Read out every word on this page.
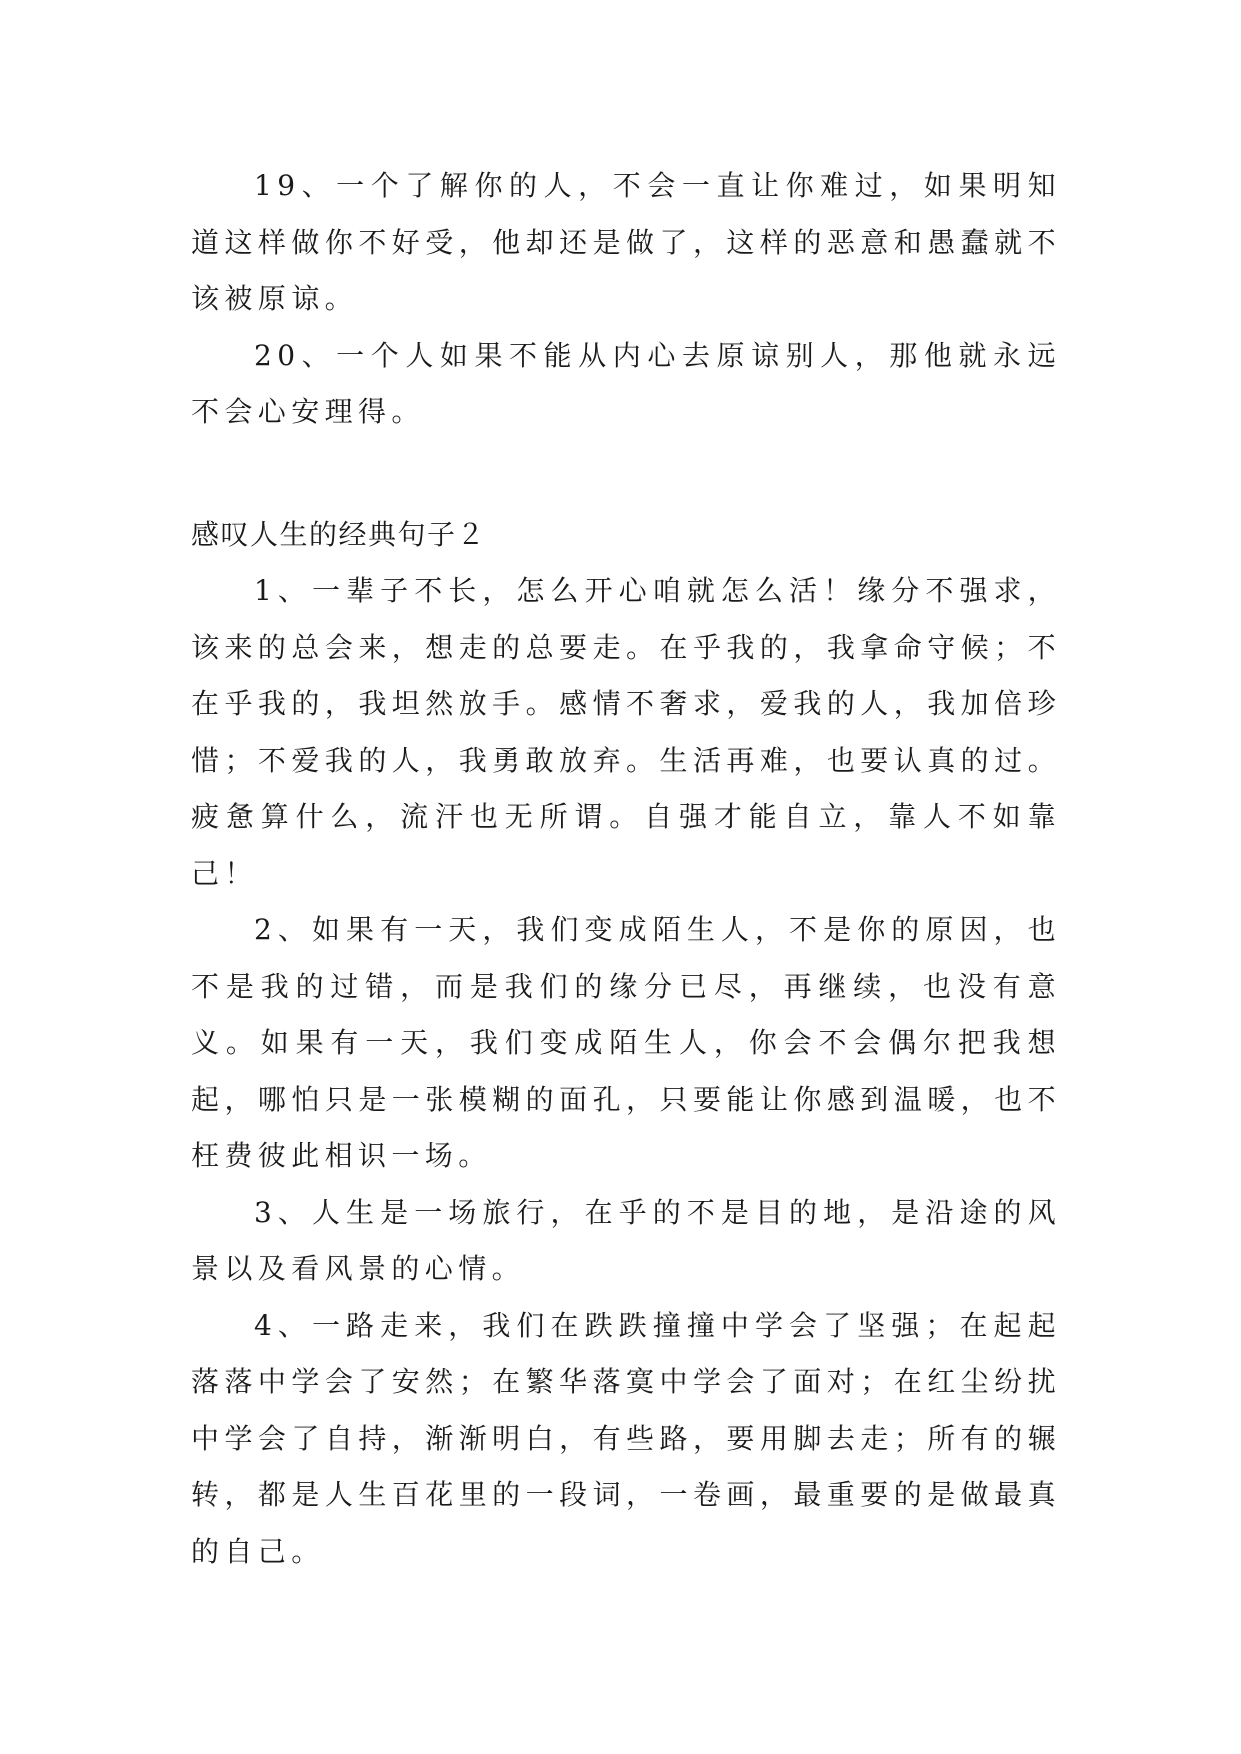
19、一个了解你的人，不会一直让你难过，如果明知道这样做你不好受，他却还是做了，这样的恶意和愚蠢就不该被原谅。

20、一个人如果不能从内心去原谅别人，那他就永远不会心安理得。

感叹人生的经典句子２

1、一辈子不长，怎么开心咱就怎么活！缘分不强求，该来的总会来，想走的总要走。在乎我的，我拿命守候；不在乎我的，我坦然放手。感情不奢求，爱我的人，我加倍珍惜；不爱我的人，我勇敢放弃。生活再难，也要认真的过。疲惫算什么，流汗也无所谓。自强才能自立，靠人不如靠己！

2、如果有一天，我们变成陌生人，不是你的原因，也不是我的过错，而是我们的缘分已尽，再继续，也没有意义。如果有一天，我们变成陌生人，你会不会偶尔把我想起，哪怕只是一张模糊的面孔，只要能让你感到温暖，也不枉费彼此相识一场。

3、人生是一场旅行，在乎的不是目的地，是沿途的风景以及看风景的心情。

4、一路走来，我们在跌跌撞撞中学会了坚强；在起起落落中学会了安然；在繁华落寞中学会了面对；在红尘纷扰中学会了自持，渐渐明白，有些路，要用脚去走；所有的辗转，都是人生百花里的一段词，一卷画，最重要的是做最真的自己。
